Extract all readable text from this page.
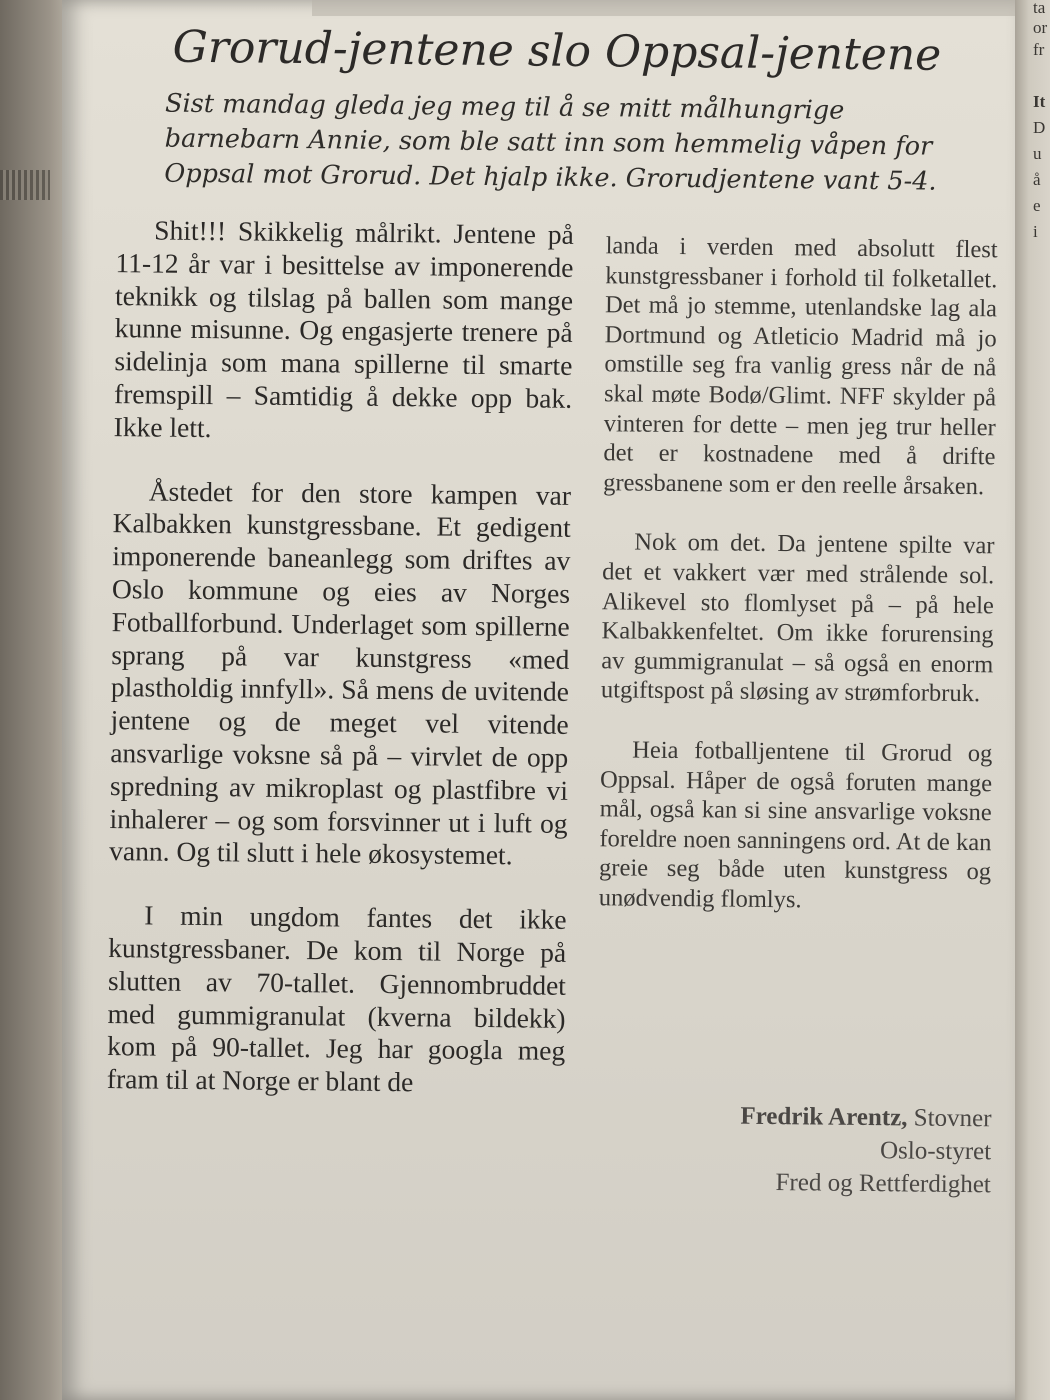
ta
or
fr
It
D
u
å
e
i
Grorud-jentene slo Oppsal-jentene
Sist mandag gleda jeg meg til å se mitt målhungrige barnebarn Annie, som ble satt inn som hemmelig våpen for Oppsal mot Grorud. Det hjalp ikke. Grorudjentene vant 5-4.

Shit!!! Skikkelig målrikt. Jentene på 11-12 år var i besittelse av imponerende teknikk og tilslag på ballen som mange kunne misunne. Og engasjerte trenere på sidelinja som mana spillerne til smarte fremspill – Samtidig å dekke opp bak. Ikke lett.

Åstedet for den store kampen var Kalbakken kunstgressbane. Et gedigent imponerende baneanlegg som driftes av Oslo kommune og eies av Norges Fotballforbund. Underlaget som spillerne sprang på var kunstgress «med plastholdig innfyll». Så mens de uvitende jentene og de meget vel vitende ansvarlige voksne så på – virvlet de opp spredning av mikroplast og plastfibre vi inhalerer – og som forsvinner ut i luft og vann. Og til slutt i hele økosystemet.

I min ungdom fantes det ikke kunstgressbaner. De kom til Norge på slutten av 70-tallet. Gjennombruddet med gummigranulat (kverna bildekk) kom på 90-tallet. Jeg har googla meg fram til at Norge er blant de

landa i verden med absolutt flest kunstgressbaner i forhold til folketallet. Det må jo stemme, utenlandske lag ala Dortmund og Atleticio Madrid må jo omstille seg fra vanlig gress når de nå skal møte Bodø/Glimt. NFF skylder på vinteren for dette – men jeg trur heller det er kostnadene med å drifte gressbanene som er den reelle årsaken.

Nok om det. Da jentene spilte var det et vakkert vær med strålende sol. Alikevel sto flomlyset på – på hele Kalbakkenfeltet. Om ikke forurensing av gummigranulat – så også en enorm utgiftspost på sløsing av strømforbruk.

Heia fotballjentene til Grorud og Oppsal. Håper de også foruten mange mål, også kan si sine ansvarlige voksne foreldre noen sanningens ord. At de kan greie seg både uten kunstgress og unødvendig flomlys.

Fredrik Arentz, Stovner
Oslo-styret
Fred og Rettferdighet
